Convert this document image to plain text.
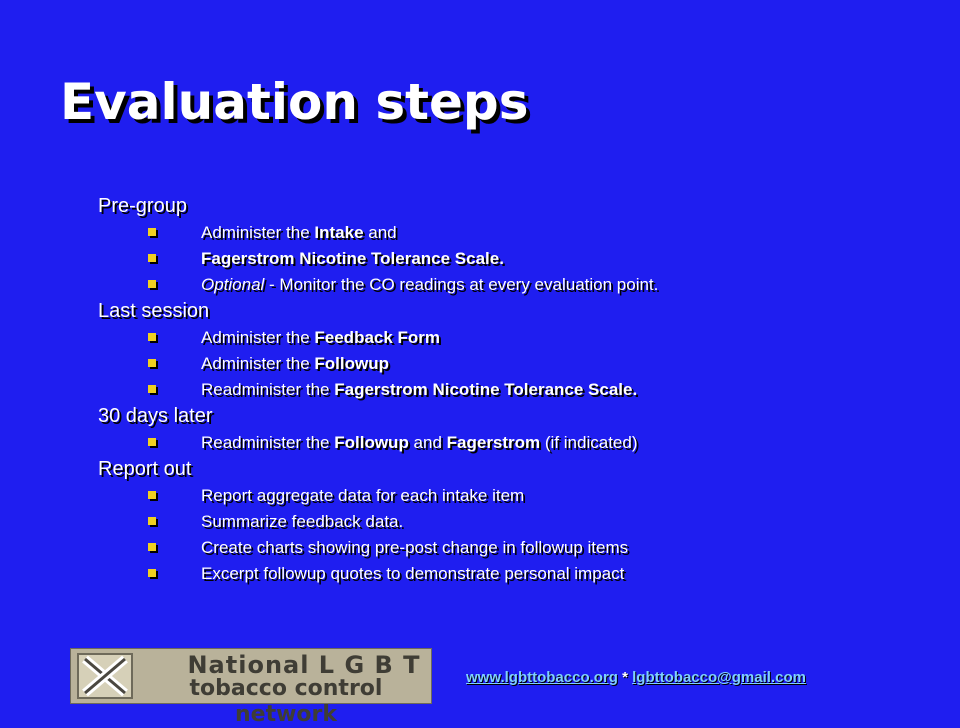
Evaluation steps
Pre-group
Administer the Intake and
Fagerstrom Nicotine Tolerance Scale.
Optional - Monitor the CO readings at every evaluation point.
Last session
Administer the Feedback Form
Administer the Followup
Readminister the Fagerstrom Nicotine Tolerance Scale.
30 days later
Readminister the Followup and Fagerstrom (if indicated)
Report out
Report aggregate data for each intake item
Summarize feedback data.
Create charts showing pre-post change in followup items
Excerpt followup quotes to demonstrate personal impact
National L G B T
tobacco control network
www.lgbttobacco.org * lgbttobacco@gmail.com
